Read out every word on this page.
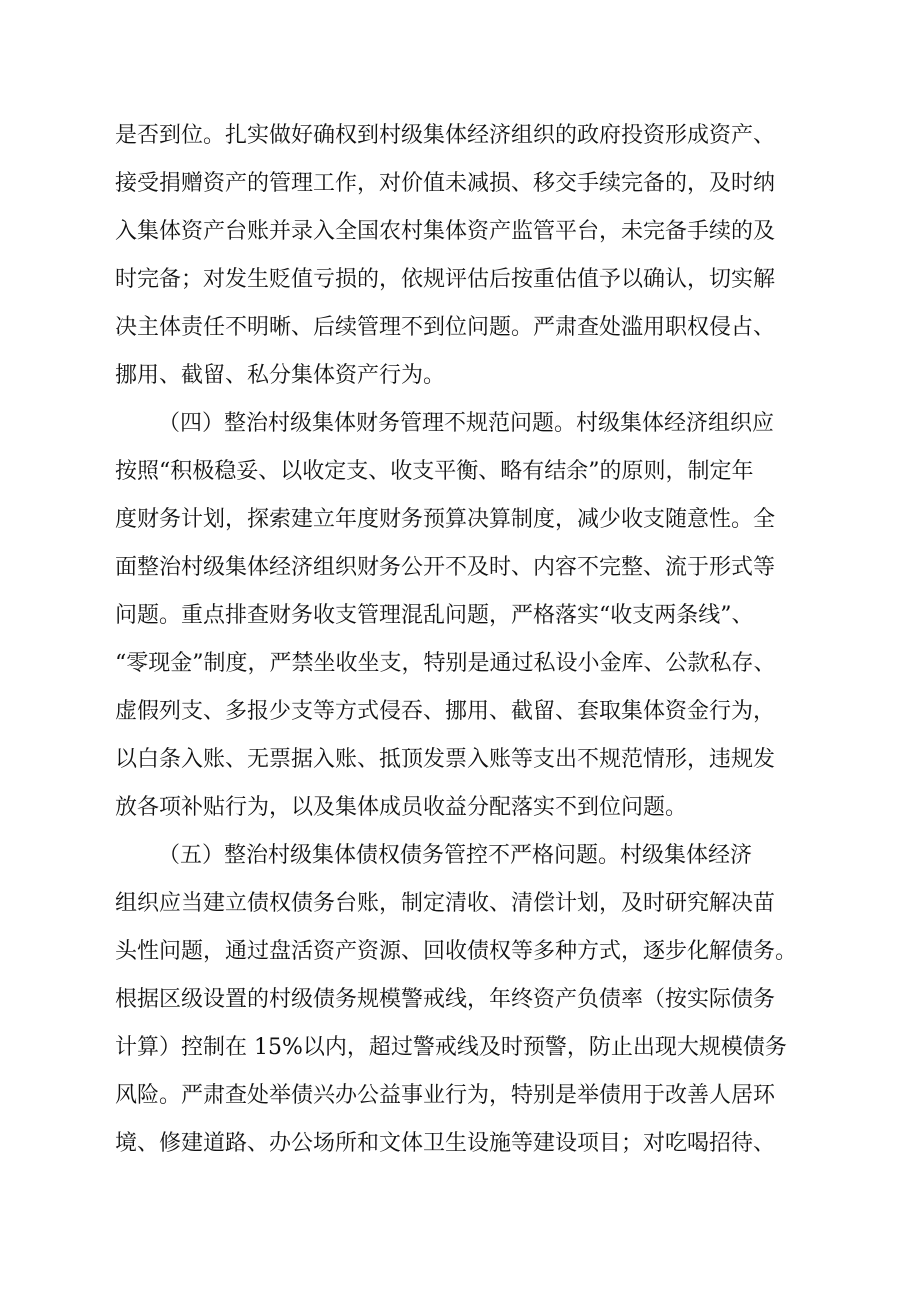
是否到位。扎实做好确权到村级集体经济组织的政府投资形成资产、
接受捐赠资产的管理工作，对价值未减损、移交手续完备的，及时纳
入集体资产台账并录入全国农村集体资产监管平台，未完备手续的及
时完备；对发生贬值亏损的，依规评估后按重估值予以确认，切实解
决主体责任不明晰、后续管理不到位问题。严肃查处滥用职权侵占、
挪用、截留、私分集体资产行为。
（四）整治村级集体财务管理不规范问题。村级集体经济组织应
按照“积极稳妥、以收定支、收支平衡、略有结余”的原则，制定年
度财务计划，探索建立年度财务预算决算制度，减少收支随意性。全
面整治村级集体经济组织财务公开不及时、内容不完整、流于形式等
问题。重点排查财务收支管理混乱问题，严格落实“收支两条线”、
“零现金”制度，严禁坐收坐支，特别是通过私设小金库、公款私存、
虚假列支、多报少支等方式侵吞、挪用、截留、套取集体资金行为，
以白条入账、无票据入账、抵顶发票入账等支出不规范情形，违规发
放各项补贴行为，以及集体成员收益分配落实不到位问题。
（五）整治村级集体债权债务管控不严格问题。村级集体经济
组织应当建立债权债务台账，制定清收、清偿计划，及时研究解决苗
头性问题，通过盘活资产资源、回收债权等多种方式，逐步化解债务。
根据区级设置的村级债务规模警戒线，年终资产负债率（按实际债务
计算）控制在 15%以内，超过警戒线及时预警，防止出现大规模债务
风险。严肃查处举债兴办公益事业行为，特别是举债用于改善人居环
境、修建道路、办公场所和文体卫生设施等建设项目；对吃喝招待、
